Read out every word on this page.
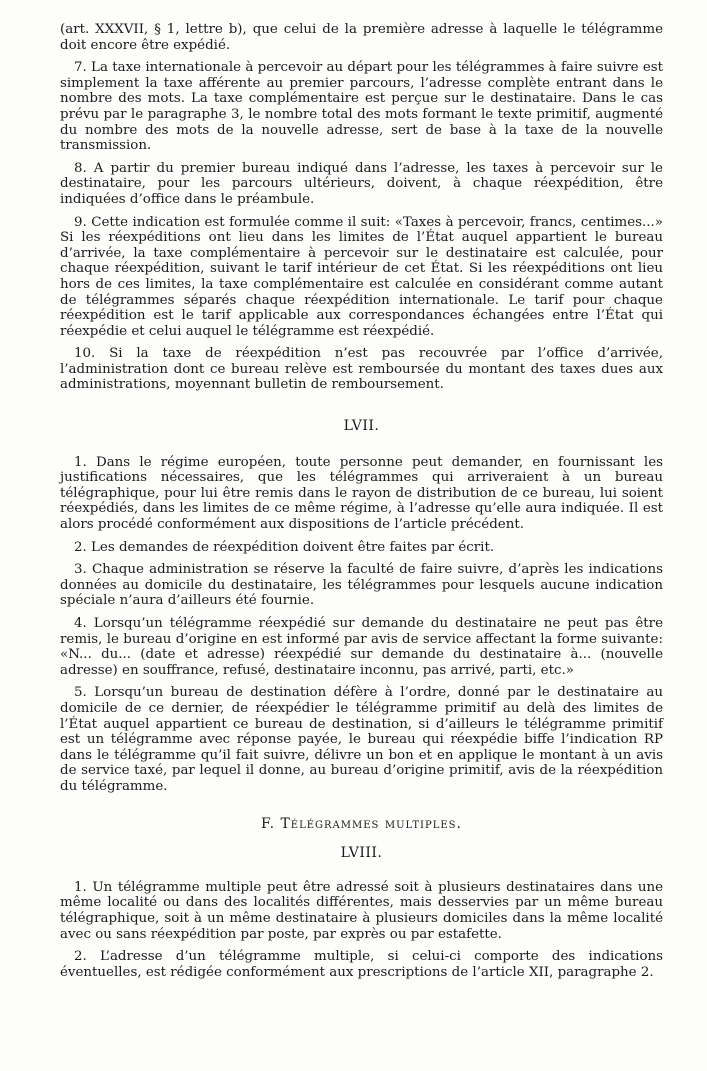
(art. XXXVII, § 1, lettre b), que celui de la première adresse à laquelle le télégramme doit encore être expédié.

7. La taxe internationale à percevoir au départ pour les télégrammes à faire suivre est simplement la taxe afférente au premier parcours, l’adresse complète entrant dans le nombre des mots. La taxe complémentaire est perçue sur le destinataire. Dans le cas prévu par le paragraphe 3, le nombre total des mots formant le texte primitif, augmenté du nombre des mots de la nouvelle adresse, sert de base à la taxe de la nouvelle transmission.

8. A partir du premier bureau indiqué dans l’adresse, les taxes à percevoir sur le destinataire, pour les parcours ultérieurs, doivent, à chaque réexpédition, être indiquées d’office dans le préambule.

9. Cette indication est formulée comme il suit: «Taxes à percevoir, francs, centimes...» Si les réexpéditions ont lieu dans les limites de l’État auquel appartient le bureau d’arrivée, la taxe complémentaire à percevoir sur le destinataire est calculée, pour chaque réexpédition, suivant le tarif intérieur de cet État. Si les réexpéditions ont lieu hors de ces limites, la taxe complémentaire est calculée en considérant comme autant de télégrammes séparés chaque réexpédition internationale. Le tarif pour chaque réexpédition est le tarif applicable aux correspondances échangées entre l’État qui réexpédie et celui auquel le télégramme est réexpédié.

10. Si la taxe de réexpédition n’est pas recouvrée par l’office d’arrivée, l’administration dont ce bureau relève est remboursée du montant des taxes dues aux administrations, moyennant bulletin de remboursement.

LVII.

1. Dans le régime européen, toute personne peut demander, en fournissant les justifications nécessaires, que les télégrammes qui arriveraient à un bureau télégraphique, pour lui être remis dans le rayon de distribution de ce bureau, lui soient réexpédiés, dans les limites de ce même régime, à l’adresse qu’elle aura indiquée. Il est alors procédé conformément aux dispositions de l’article précédent.

2. Les demandes de réexpédition doivent être faites par écrit.

3. Chaque administration se réserve la faculté de faire suivre, d’après les indications données au domicile du destinataire, les télégrammes pour lesquels aucune indication spéciale n’aura d’ailleurs été fournie.

4. Lorsqu’un télégramme réexpédié sur demande du destinataire ne peut pas être remis, le bureau d’origine en est informé par avis de service affectant la forme suivante: «N... du... (date et adresse) réexpédié sur demande du destinataire à... (nouvelle adresse) en souffrance, refusé, destinataire inconnu, pas arrivé, parti, etc.»

5. Lorsqu’un bureau de destination défère à l’ordre, donné par le destinataire au domicile de ce dernier, de réexpédier le télégramme primitif au delà des limites de l’État auquel appartient ce bureau de destination, si d’ailleurs le télégramme primitif est un télégramme avec réponse payée, le bureau qui réexpédie biffe l’indication RP dans le télégramme qu’il fait suivre, délivre un bon et en applique le montant à un avis de service taxé, par lequel il donne, au bureau d’origine primitif, avis de la réexpédition du télégramme.

F. Télégrammes multiples.
LVIII.

1. Un télégramme multiple peut être adressé soit à plusieurs destinataires dans une même localité ou dans des localités différentes, mais desservies par un même bureau télégraphique, soit à un même destinataire à plusieurs domiciles dans la même localité avec ou sans réexpédition par poste, par exprès ou par estafette.

2. L’adresse d’un télégramme multiple, si celui-ci comporte des indications éventuelles, est rédigée conformément aux prescriptions de l’article XII, paragraphe 2.
